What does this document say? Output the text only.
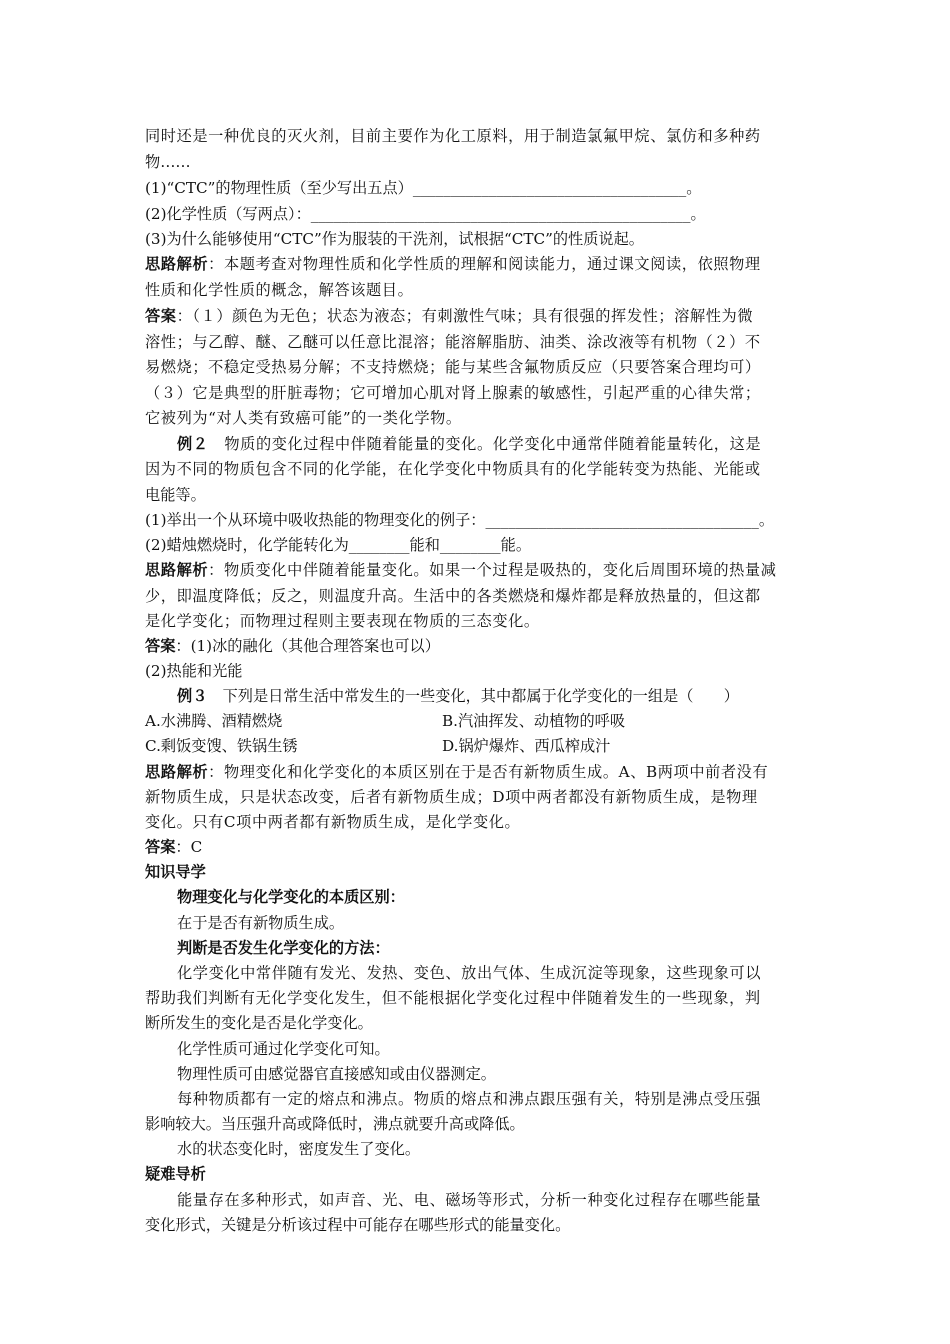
同时还是一种优良的灭火剂，目前主要作为化工原料，用于制造氯氟甲烷、氯仿和多种药
物……
(1)“CTC”的物理性质（至少写出五点）____________________________________。
(2)化学性质（写两点）：__________________________________________________。
(3)为什么能够使用“CTC”作为服装的干洗剂，试根据“CTC”的性质说起。
思路解析：本题考查对物理性质和化学性质的理解和阅读能力，通过课文阅读，依照物理
性质和化学性质的概念，解答该题目。
答案：（１）颜色为无色；状态为液态；有刺激性气味；具有很强的挥发性；溶解性为微
溶性；与乙醇、醚、乙醚可以任意比混溶；能溶解脂肪、油类、涂改液等有机物（２）不
易燃烧；不稳定受热易分解；不支持燃烧；能与某些含氟物质反应（只要答案合理均可）
（３）它是典型的肝脏毒物；它可增加心肌对肾上腺素的敏感性，引起严重的心律失常；
它被列为“对人类有致癌可能”的一类化学物。
例２　物质的变化过程中伴随着能量的变化。化学变化中通常伴随着能量转化，这是
因为不同的物质包含不同的化学能，在化学变化中物质具有的化学能转变为热能、光能或
电能等。
(1)举出一个从环境中吸收热能的物理变化的例子：____________________________________。
(2)蜡烛燃烧时，化学能转化为________能和________能。
思路解析：物质变化中伴随着能量变化。如果一个过程是吸热的，变化后周围环境的热量减
少，即温度降低；反之，则温度升高。生活中的各类燃烧和爆炸都是释放热量的，但这都
是化学变化；而物理过程则主要表现在物质的三态变化。
答案：(1)冰的融化（其他合理答案也可以）
(2)热能和光能
例３　下列是日常生活中常发生的一些变化，其中都属于化学变化的一组是（　　）
A.水沸腾、酒精燃烧	B.汽油挥发、动植物的呼吸
C.剩饭变馊、铁锅生锈	D.锅炉爆炸、西瓜榨成汁
思路解析：物理变化和化学变化的本质区别在于是否有新物质生成。A、B两项中前者没有
新物质生成，只是状态改变，后者有新物质生成；D项中两者都没有新物质生成，是物理
变化。只有C项中两者都有新物质生成，是化学变化。
答案：C
知识导学
物理变化与化学变化的本质区别：
在于是否有新物质生成。
判断是否发生化学变化的方法：
化学变化中常伴随有发光、发热、变色、放出气体、生成沉淀等现象，这些现象可以
帮助我们判断有无化学变化发生，但不能根据化学变化过程中伴随着发生的一些现象，判
断所发生的变化是否是化学变化。
化学性质可通过化学变化可知。
物理性质可由感觉器官直接感知或由仪器测定。
每种物质都有一定的熔点和沸点。物质的熔点和沸点跟压强有关，特别是沸点受压强
影响较大。当压强升高或降低时，沸点就要升高或降低。
水的状态变化时，密度发生了变化。
疑难导析
能量存在多种形式，如声音、光、电、磁场等形式，分析一种变化过程存在哪些能量
变化形式，关键是分析该过程中可能存在哪些形式的能量变化。
